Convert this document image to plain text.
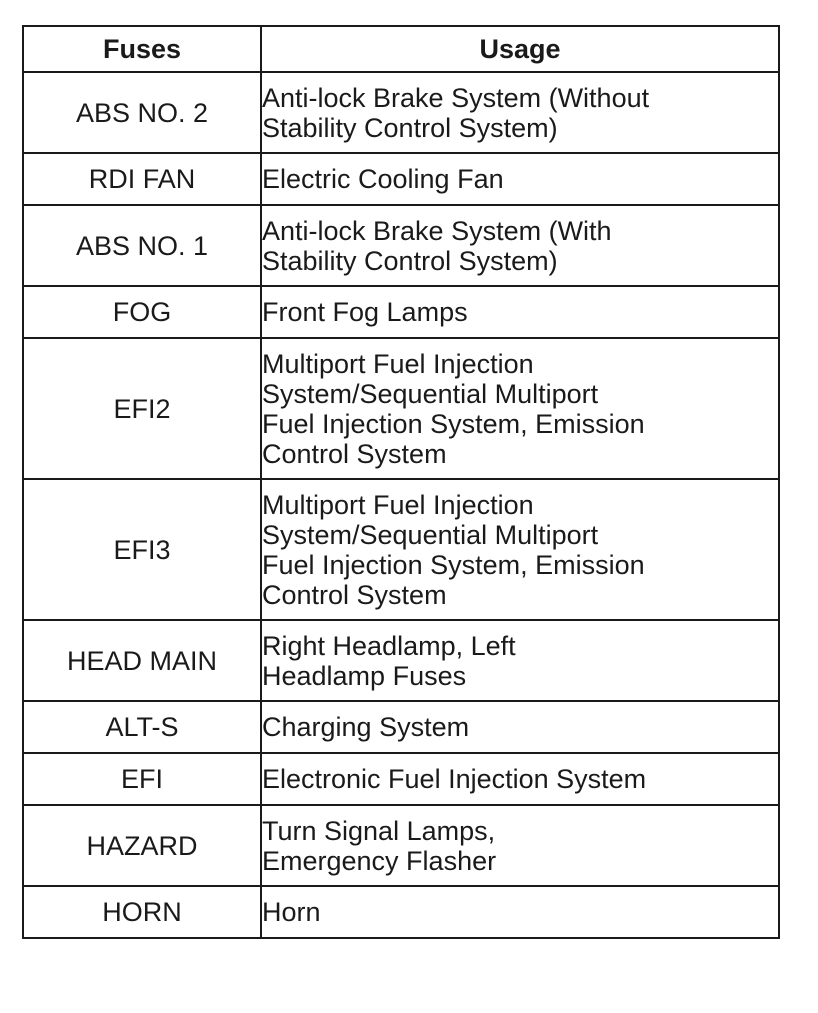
Fuses	Usage
ABS NO. 2	Anti-lock Brake System (Without
Stability Control System)

RDI FAN	Electric Cooling Fan

ABS NO. 1	Anti-lock Brake System (With
Stability Control System)

FOG	Front Fog Lamps

EFI2	Multiport Fuel Injection
System/Sequential Multiport
Fuel Injection System, Emission
Control System

EFI3	Multiport Fuel Injection
System/Sequential Multiport
Fuel Injection System, Emission
Control System

HEAD MAIN	Right Headlamp, Left
Headlamp Fuses

ALT-S	Charging System

EFI	Electronic Fuel Injection System

HAZARD	Turn Signal Lamps,
Emergency Flasher

HORN	Horn
